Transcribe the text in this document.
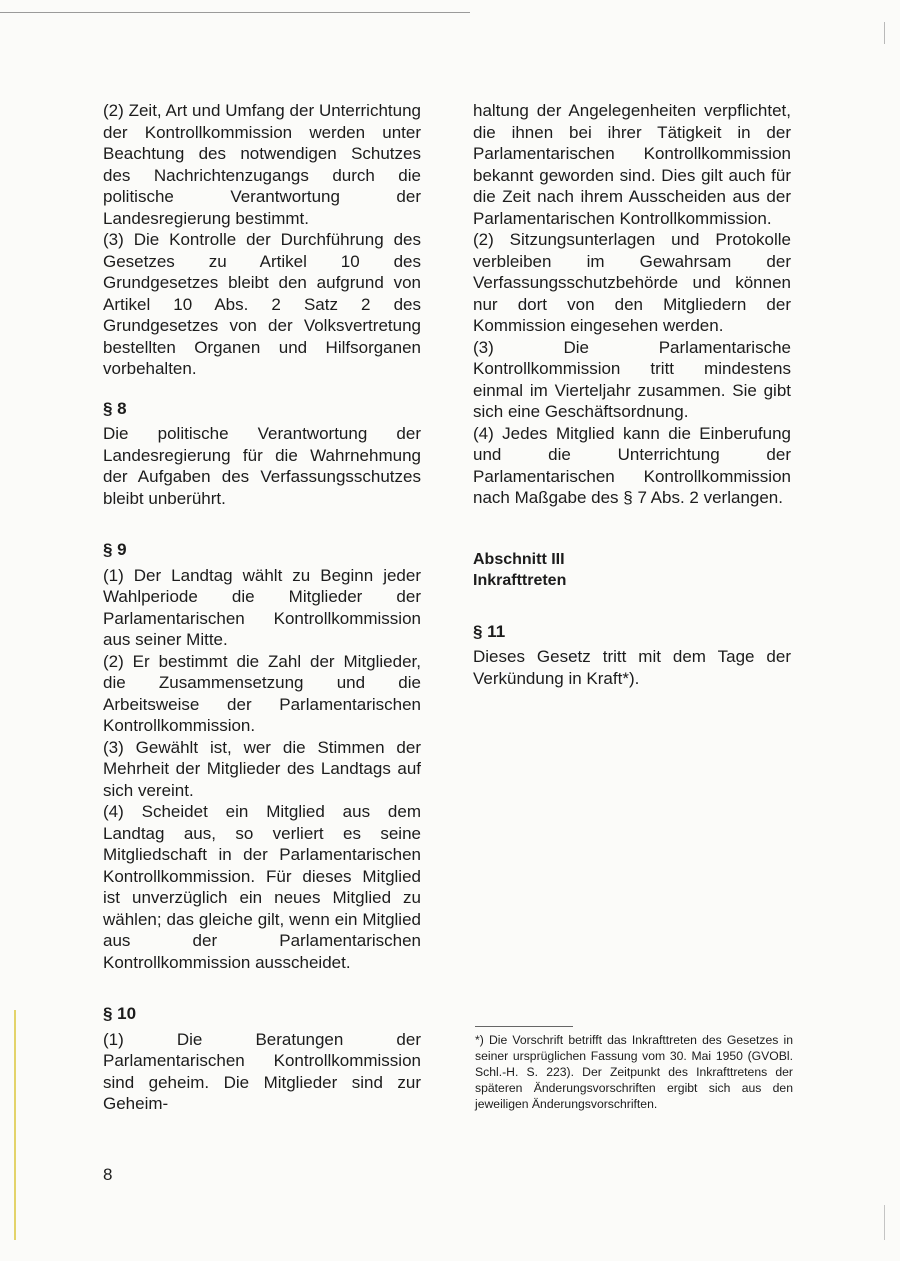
(2) Zeit, Art und Umfang der Unterrichtung der Kontrollkommission werden unter Beachtung des notwendigen Schutzes des Nachrichtenzugangs durch die politische Verantwortung der Landesregierung bestimmt.

(3) Die Kontrolle der Durchführung des Gesetzes zu Artikel 10 des Grundgesetzes bleibt den aufgrund von Artikel 10 Abs. 2 Satz 2 des Grundgesetzes von der Volksvertretung bestellten Organen und Hilfsorganen vorbehalten.

§ 8

Die politische Verantwortung der Landesregierung für die Wahrnehmung der Aufgaben des Verfassungsschutzes bleibt unberührt.

§ 9

(1) Der Landtag wählt zu Beginn jeder Wahlperiode die Mitglieder der Parlamentarischen Kontrollkommission aus seiner Mitte.

(2) Er bestimmt die Zahl der Mitglieder, die Zusammensetzung und die Arbeitsweise der Parlamentarischen Kontrollkommission.

(3) Gewählt ist, wer die Stimmen der Mehrheit der Mitglieder des Landtags auf sich vereint.

(4) Scheidet ein Mitglied aus dem Landtag aus, so verliert es seine Mitgliedschaft in der Parlamentarischen Kontrollkommission. Für dieses Mitglied ist unverzüglich ein neues Mitglied zu wählen; das gleiche gilt, wenn ein Mitglied aus der Parlamentarischen Kontrollkommission ausscheidet.

§ 10

(1) Die Beratungen der Parlamentarischen Kontrollkommission sind geheim. Die Mitglieder sind zur Geheim-

haltung der Angelegenheiten verpflichtet, die ihnen bei ihrer Tätigkeit in der Parlamentarischen Kontrollkommission bekannt geworden sind. Dies gilt auch für die Zeit nach ihrem Ausscheiden aus der Parlamentarischen Kontrollkommission.

(2) Sitzungsunterlagen und Protokolle verbleiben im Gewahrsam der Verfassungsschutzbehörde und können nur dort von den Mitgliedern der Kommission eingesehen werden.

(3) Die Parlamentarische Kontrollkommission tritt mindestens einmal im Vierteljahr zusammen. Sie gibt sich eine Geschäftsordnung.

(4) Jedes Mitglied kann die Einberufung und die Unterrichtung der Parlamentarischen Kontrollkommission nach Maßgabe des § 7 Abs. 2 verlangen.

Abschnitt III
Inkrafttreten
§ 11

Dieses Gesetz tritt mit dem Tage der Verkündung in Kraft*).

*) Die Vorschrift betrifft das Inkrafttreten des Gesetzes in seiner ursprüglichen Fassung vom 30. Mai 1950 (GVOBl. Schl.-H. S. 223). Der Zeitpunkt des Inkrafttretens der späteren Änderungsvorschriften ergibt sich aus den jeweiligen Änderungsvorschriften.
8
